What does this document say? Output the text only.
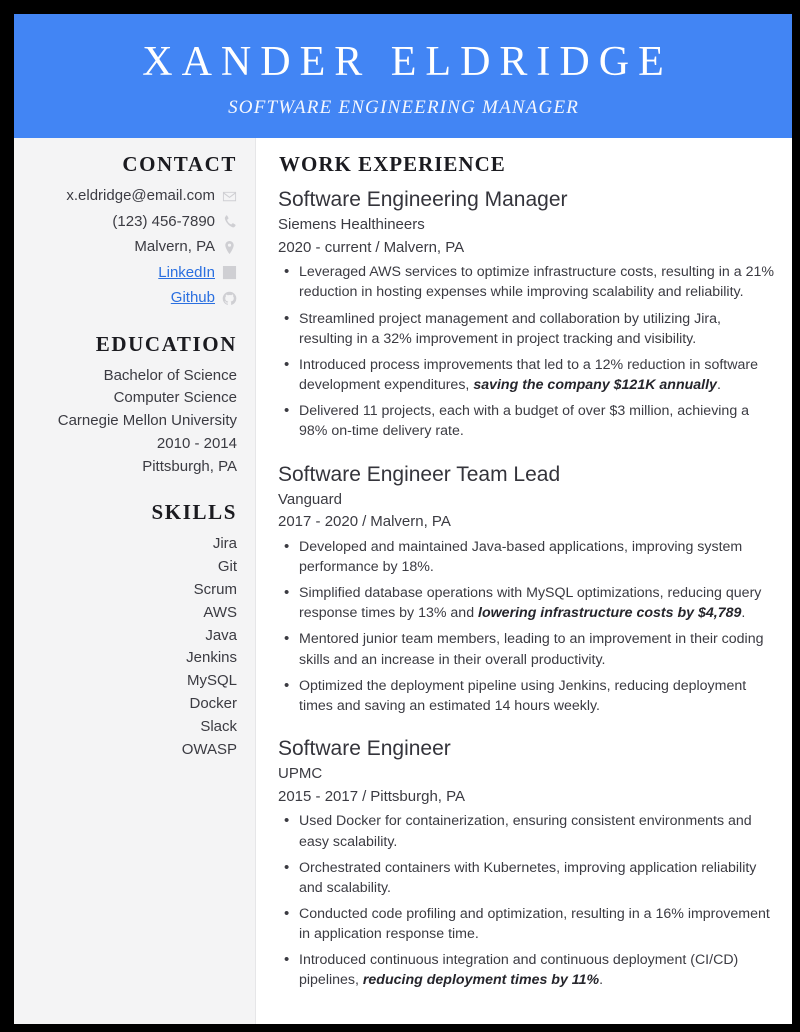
XANDER ELDRIDGE
SOFTWARE ENGINEERING MANAGER
CONTACT
x.eldridge@email.com
(123) 456-7890
Malvern, PA
LinkedIn
Github
EDUCATION
Bachelor of Science
Computer Science
Carnegie Mellon University
2010 - 2014
Pittsburgh, PA
SKILLS
Jira
Git
Scrum
AWS
Java
Jenkins
MySQL
Docker
Slack
OWASP
WORK EXPERIENCE
Software Engineering Manager
Siemens Healthineers
2020 - current / Malvern, PA
• Leveraged AWS services to optimize infrastructure costs, resulting in a 21% reduction in hosting expenses while improving scalability and reliability.
• Streamlined project management and collaboration by utilizing Jira, resulting in a 32% improvement in project tracking and visibility.
• Introduced process improvements that led to a 12% reduction in software development expenditures, saving the company $121K annually.
• Delivered 11 projects, each with a budget of over $3 million, achieving a 98% on-time delivery rate.
Software Engineer Team Lead
Vanguard
2017 - 2020 / Malvern, PA
• Developed and maintained Java-based applications, improving system performance by 18%.
• Simplified database operations with MySQL optimizations, reducing query response times by 13% and lowering infrastructure costs by $4,789.
• Mentored junior team members, leading to an improvement in their coding skills and an increase in their overall productivity.
• Optimized the deployment pipeline using Jenkins, reducing deployment times and saving an estimated 14 hours weekly.
Software Engineer
UPMC
2015 - 2017 / Pittsburgh, PA
• Used Docker for containerization, ensuring consistent environments and easy scalability.
• Orchestrated containers with Kubernetes, improving application reliability and scalability.
• Conducted code profiling and optimization, resulting in a 16% improvement in application response time.
• Introduced continuous integration and continuous deployment (CI/CD) pipelines, reducing deployment times by 11%.
